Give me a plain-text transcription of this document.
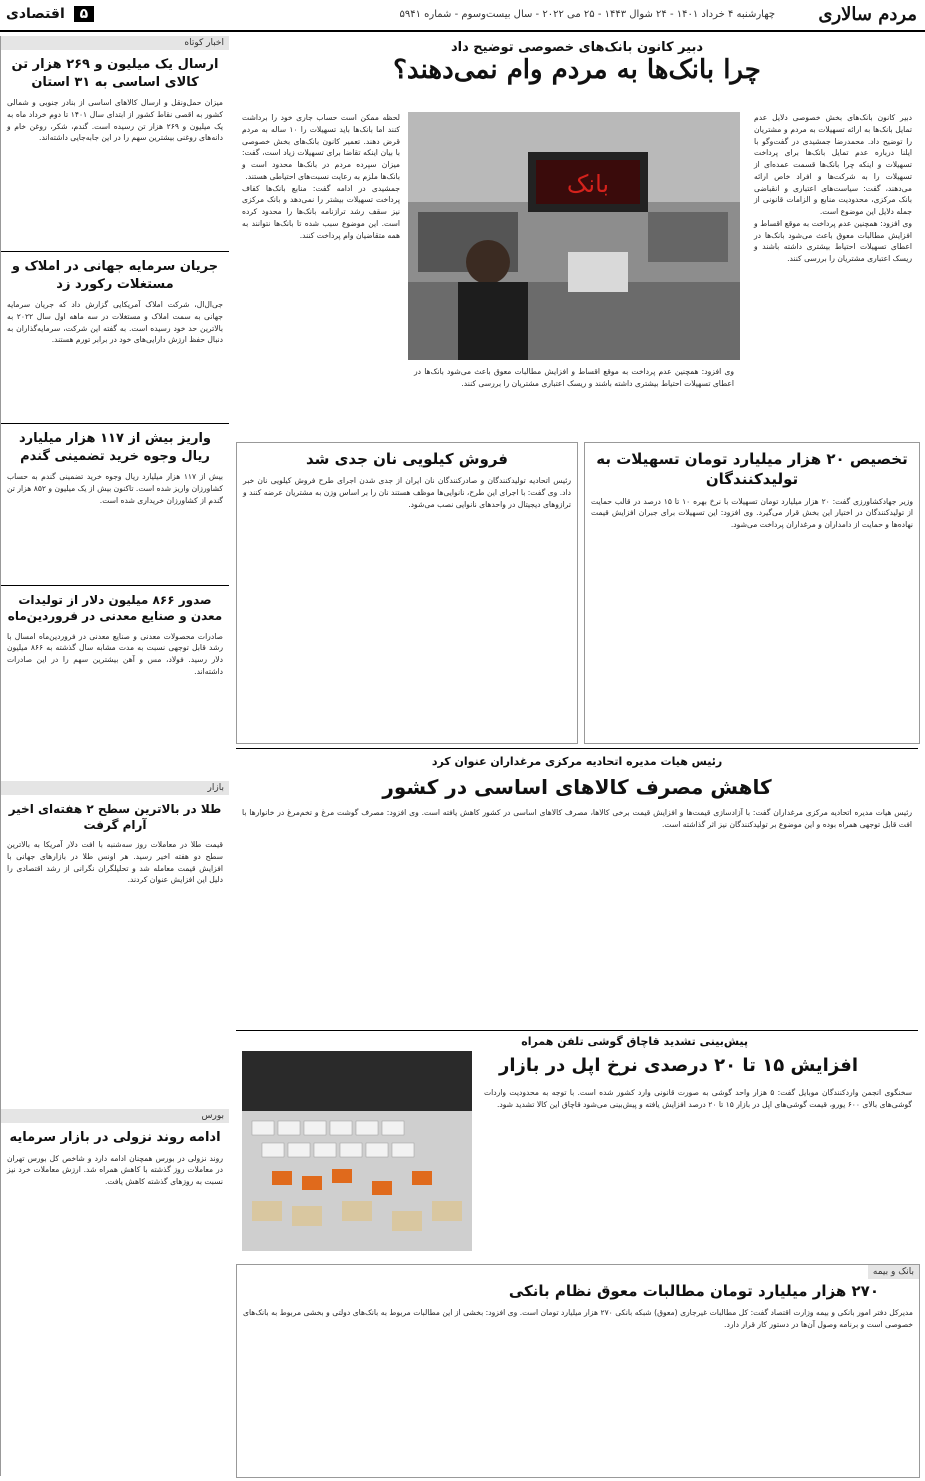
مردم سالاری
چهارشنبه ۴ خرداد ۱۴۰۱ - ۲۴ شوال ۱۴۴۳ - ۲۵ می ۲۰۲۲ - سال بیست‌وسوم - شماره ۵۹۴۱
۵ اقتصادی
اخبار کوتاه
ارسال یک میلیون و ۲۶۹ هزار تن کالای اساسی به ۳۱ استان
میزان حمل‌ونقل و ارسال کالاهای اساسی از بنادر جنوبی و شمالی کشور به اقصی نقاط کشور از ابتدای سال ۱۴۰۱ تا دوم خرداد ماه به یک میلیون و ۲۶۹ هزار تن رسیده است. گندم، شکر، روغن خام و دانه‌های روغنی بیشترین سهم را در این جابه‌جایی داشته‌اند.
جریان سرمایه جهانی در املاک و مستغلات رکورد زد
جی‌ال‌ال، شرکت املاک آمریکایی گزارش داد که جریان سرمایه جهانی به سمت املاک و مستغلات در سه ماهه اول سال ۲۰۲۲ به بالاترین حد خود رسیده است. به گفته این شرکت، سرمایه‌گذاران به دنبال حفظ ارزش دارایی‌های خود در برابر تورم هستند.
واریز بیش از ۱۱۷ هزار میلیارد ریال وجوه خرید تضمینی گندم
بیش از ۱۱۷ هزار میلیارد ریال وجوه خرید تضمینی گندم به حساب کشاورزان واریز شده است. تاکنون بیش از یک میلیون و ۸۵۲ هزار تن گندم از کشاورزان خریداری شده است.
صدور ۸۶۶ میلیون دلار از تولیدات معدن و صنایع معدنی در فروردین‌ماه
صادرات محصولات معدنی و صنایع معدنی در فروردین‌ماه امسال با رشد قابل توجهی نسبت به مدت مشابه سال گذشته به ۸۶۶ میلیون دلار رسید. فولاد، مس و آهن بیشترین سهم را در این صادرات داشته‌اند.
بازار
طلا در بالاترین سطح ۲ هفته‌ای اخیر آرام گرفت
قیمت طلا در معاملات روز سه‌شنبه با افت دلار آمریکا به بالاترین سطح دو هفته اخیر رسید. هر اونس طلا در بازارهای جهانی با افزایش قیمت معامله شد و تحلیلگران نگرانی از رشد اقتصادی را دلیل این افزایش عنوان کردند.
بورس
ادامه روند نزولی در بازار سرمایه
روند نزولی در بورس همچنان ادامه دارد و شاخص کل بورس تهران در معاملات روز گذشته با کاهش همراه شد. ارزش معاملات خرد نیز نسبت به روزهای گذشته کاهش یافت.
دبیر کانون بانک‌های خصوصی توضیح داد
چرا بانک‌ها به مردم وام نمی‌دهند؟
دبیر کانون بانک‌های بخش خصوصی دلایل عدم تمایل بانک‌ها به ارائه تسهیلات به مردم و مشتریان را توضیح داد. محمدرضا جمشیدی در گفت‌وگو با ایلنا درباره عدم تمایل بانک‌ها برای پرداخت تسهیلات و اینکه چرا بانک‌ها قسمت عمده‌ای از تسهیلات را به شرکت‌ها و افراد خاص ارائه می‌دهند، گفت: سیاست‌های اعتباری و انقباضی بانک مرکزی، محدودیت منابع و الزامات قانونی از جمله دلایل این موضوع است.
وی افزود: همچنین عدم پرداخت به موقع اقساط و افزایش مطالبات معوق باعث می‌شود بانک‌ها در اعطای تسهیلات احتیاط بیشتری داشته باشند و ریسک اعتباری مشتریان را بررسی کنند.
بانک
لحظه ممکن است حساب جاری خود را برداشت کنند اما بانک‌ها باید تسهیلات را ۱۰ ساله به مردم قرض دهند. تعمیر کانون بانک‌های بخش خصوصی با بیان اینکه تقاضا برای تسهیلات زیاد است، گفت: میزان سپرده مردم در بانک‌ها محدود است و بانک‌ها ملزم به رعایت نسبت‌های احتیاطی هستند.
جمشیدی در ادامه گفت: منابع بانک‌ها کفاف پرداخت تسهیلات بیشتر را نمی‌دهد و بانک مرکزی نیز سقف رشد ترازنامه بانک‌ها را محدود کرده است. این موضوع سبب شده تا بانک‌ها نتوانند به همه متقاضیان وام پرداخت کنند.
وی افزود: همچنین عدم پرداخت به موقع اقساط و افزایش مطالبات معوق باعث می‌شود بانک‌ها در اعطای تسهیلات احتیاط بیشتری داشته باشند و ریسک اعتباری مشتریان را بررسی کنند.
تخصیص ۲۰ هزار میلیارد تومان تسهیلات به تولیدکنندگان
وزیر جهادکشاورزی گفت: ۲۰ هزار میلیارد تومان تسهیلات با نرخ بهره ۱۰ تا ۱۵ درصد در قالب حمایت از تولیدکنندگان در اختیار این بخش قرار می‌گیرد. وی افزود: این تسهیلات برای جبران افزایش قیمت نهاده‌ها و حمایت از دامداران و مرغداران پرداخت می‌شود.
فروش کیلویی نان جدی شد
رئیس اتحادیه تولیدکنندگان و صادرکنندگان نان ایران از جدی شدن اجرای طرح فروش کیلویی نان خبر داد. وی گفت: با اجرای این طرح، نانوایی‌ها موظف هستند نان را بر اساس وزن به مشتریان عرضه کنند و ترازوهای دیجیتال در واحدهای نانوایی نصب می‌شود.
رئیس هیات مدیره اتحادیه مرکزی مرغداران عنوان کرد
کاهش مصرف کالاهای اساسی در کشور
رئیس هیات مدیره اتحادیه مرکزی مرغداران گفت: با آزادسازی قیمت‌ها و افزایش قیمت برخی کالاها، مصرف کالاهای اساسی در کشور کاهش یافته است. وی افزود: مصرف گوشت مرغ و تخم‌مرغ در خانوارها با افت قابل توجهی همراه بوده و این موضوع بر تولیدکنندگان نیز اثر گذاشته است.
پیش‌بینی تشدید قاچاق گوشی تلفن همراه
افزایش ۱۵ تا ۲۰ درصدی نرخ اپل در بازار
سخنگوی انجمن واردکنندگان موبایل گفت: ۵ هزار واحد گوشی به صورت قانونی وارد کشور شده است. با توجه به محدودیت واردات گوشی‌های بالای ۶۰۰ یورو، قیمت گوشی‌های اپل در بازار ۱۵ تا ۲۰ درصد افزایش یافته و پیش‌بینی می‌شود قاچاق این کالا تشدید شود.
بانک و بیمه
۲۷۰ هزار میلیارد تومان مطالبات معوق نظام بانکی
مدیرکل دفتر امور بانکی و بیمه وزارت اقتصاد گفت: کل مطالبات غیرجاری (معوق) شبکه بانکی ۲۷۰ هزار میلیارد تومان است. وی افزود: بخشی از این مطالبات مربوط به بانک‌های دولتی و بخشی مربوط به بانک‌های خصوصی است و برنامه وصول آن‌ها در دستور کار قرار دارد.
